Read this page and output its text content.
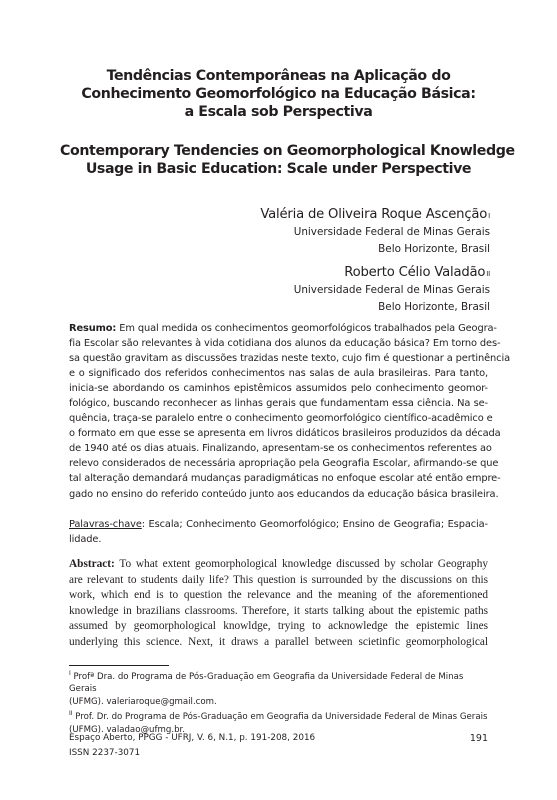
Tendências Contemporâneas na Aplicação do
Conhecimento Geomorfológico na Educação Básica:
a Escala sob Perspectiva
Contemporary Tendencies on Geomorphological Knowledge
Usage in Basic Education: Scale under Perspective
Valéria de Oliveira Roque Ascenção$^I$
Universidade Federal de Minas Gerais
Belo Horizonte, Brasil
Roberto Célio Valadão$^{II}$
Universidade Federal de Minas Gerais
Belo Horizonte, Brasil

Resumo: Em qual medida os conhecimentos geomorfológicos trabalhados pela Geogra-
fia Escolar são relevantes à vida cotidiana dos alunos da educação básica? Em torno des-
sa questão gravitam as discussões trazidas neste texto, cujo fim é questionar a pertinência
e o significado dos referidos conhecimentos nas salas de aula brasileiras. Para tanto,
inicia-se abordando os caminhos epistêmicos assumidos pelo conhecimento geomor-
fológico, buscando reconhecer as linhas gerais que fundamentam essa ciência. Na se-
quência, traça-se paralelo entre o conhecimento geomorfológico científico-acadêmico e
o formato em que esse se apresenta em livros didáticos brasileiros produzidos da década
de 1940 até os dias atuais. Finalizando, apresentam-se os conhecimentos referentes ao
relevo considerados de necessária apropriação pela Geografia Escolar, afirmando-se que
tal alteração demandará mudanças paradigmáticas no enfoque escolar até então empre-
gado no ensino do referido conteúdo junto aos educandos da educação básica brasileira.

Palavras-chave: Escala; Conhecimento Geomorfológico; Ensino de Geografia; Espacia-
lidade.

Abstract: To what extent geomorphological knowledge discussed by scholar Geography
are relevant to students daily life? This question is surrounded by the discussions on this
work, which end is to question the relevance and the meaning of the aforementioned
knowledge in brazilians classrooms. Therefore, it starts talking about the epistemic paths
assumed by geomorphological knowldge, trying to acknowledge the epistemic lines
underlying this science. Next, it draws a parallel between scietinfic geomorphological

$^I$ Profª Dra. do Programa de Pós-Graduação em Geografia da Universidade Federal de Minas Gerais
(UFMG). valeriaroque@gmail.com.

$^{II}$ Prof. Dr. do Programa de Pós-Graduação em Geografia da Universidade Federal de Minas Gerais
(UFMG). valadao@ufmg.br.

Espaço Aberto, PPGG - UFRJ, V. 6, N.1, p. 191-208, 2016
ISSN 2237-3071
191
